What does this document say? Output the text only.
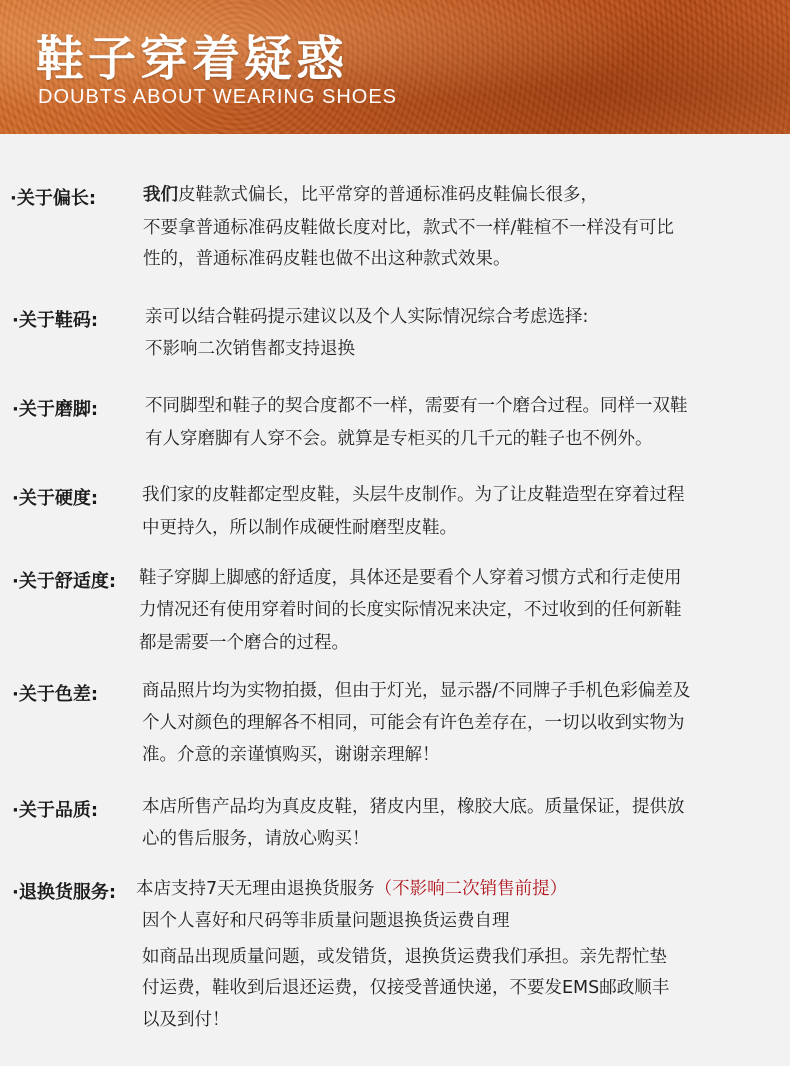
鞋子穿着疑惑
DOUBTS ABOUT WEARING SHOES
·关于偏长:	我们皮鞋款式偏长，比平常穿的普通标准码皮鞋偏长很多，
不要拿普通标准码皮鞋做长度对比，款式不一样/鞋楦不一样没有可比
性的，普通标准码皮鞋也做不出这种款式效果。
·关于鞋码:	亲可以结合鞋码提示建议以及个人实际情况综合考虑选择:
不影响二次销售都支持退换
·关于磨脚:	不同脚型和鞋子的契合度都不一样，需要有一个磨合过程。同样一双鞋
有人穿磨脚有人穿不会。就算是专柜买的几千元的鞋子也不例外。
·关于硬度:	我们家的皮鞋都定型皮鞋，头层牛皮制作。为了让皮鞋造型在穿着过程
中更持久，所以制作成硬性耐磨型皮鞋。
·关于舒适度: 鞋子穿脚上脚感的舒适度，具体还是要看个人穿着习惯方式和行走使用
力情况还有使用穿着时间的长度实际情况来决定，不过收到的任何新鞋
都是需要一个磨合的过程。
·关于色差:	商品照片均为实物拍摄，但由于灯光，显示器/不同牌子手机色彩偏差及
个人对颜色的理解各不相同，可能会有许色差存在，一切以收到实物为
准。介意的亲谨慎购买，谢谢亲理解！
·关于品质:	本店所售产品均为真皮皮鞋，猪皮内里，橡胶大底。质量保证，提供放
心的售后服务，请放心购买！
·退换货服务: 本店支持7天无理由退换货服务（不影响二次销售前提）
因个人喜好和尺码等非质量问题退换货运费自理
如商品出现质量问题，或发错货，退换货运费我们承担。亲先帮忙垫
付运费，鞋收到后退还运费，仅接受普通快递，不要发EMS邮政顺丰
以及到付！
